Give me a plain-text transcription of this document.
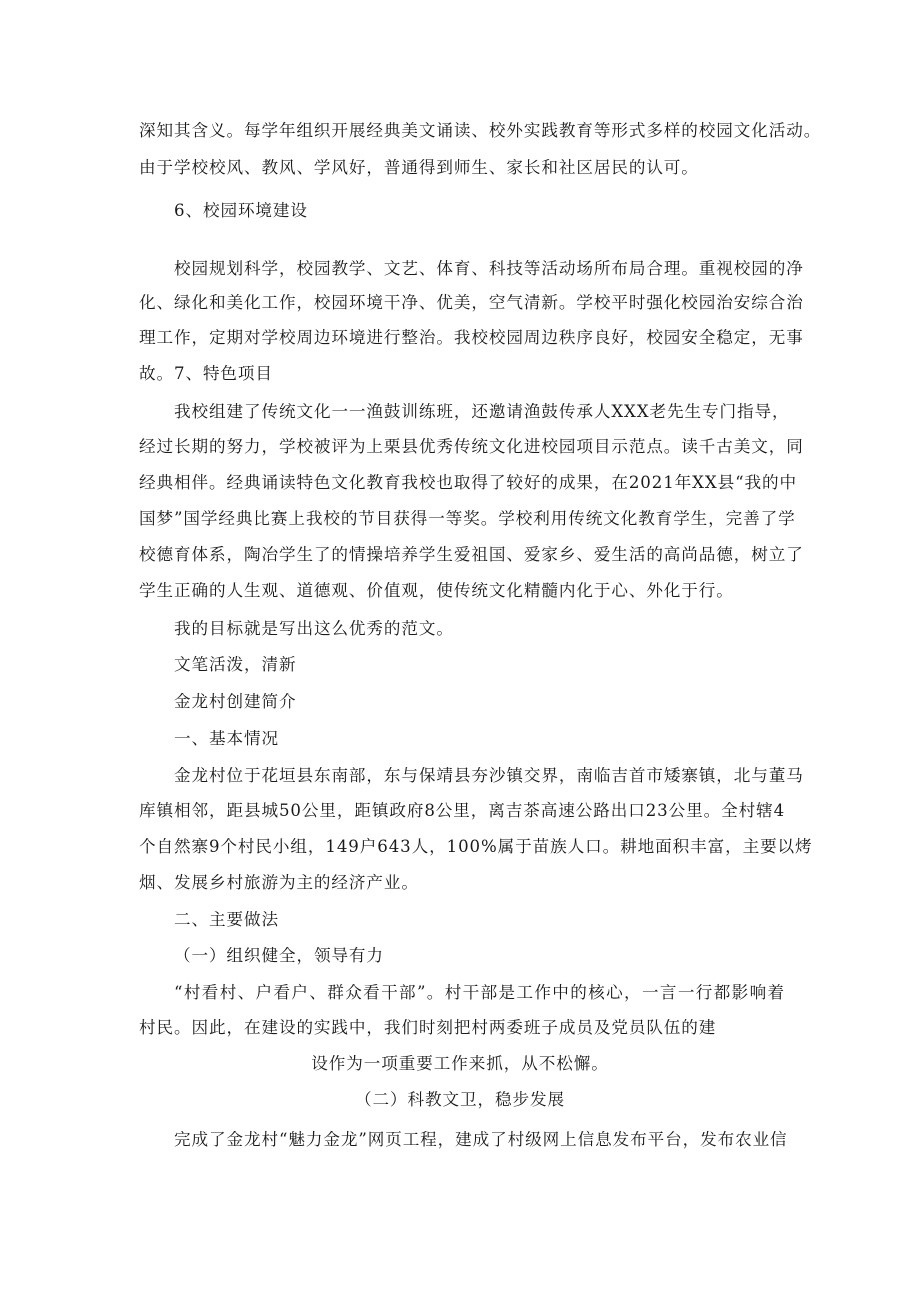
深知其含义。每学年组织开展经典美文诵读、校外实践教育等形式多样的校园文化活动。
由于学校校风、教风、学风好，普通得到师生、家长和社区居民的认可。
6、校园环境建设
校园规划科学，校园教学、文艺、体育、科技等活动场所布局合理。重视校园的净
化、绿化和美化工作，校园环境干净、优美，空气清新。学校平时强化校园治安综合治
理工作，定期对学校周边环境进行整治。我校校园周边秩序良好，校园安全稳定，无事
故。7、特色项目
我校组建了传统文化一一渔鼓训练班，还邀请渔鼓传承人XXX老先生专门指导，
经过长期的努力，学校被评为上栗县优秀传统文化进校园项目示范点。读千古美文，同
经典相伴。经典诵读特色文化教育我校也取得了较好的成果，在2021年XX县“我的中
国梦”国学经典比赛上我校的节目获得一等奖。学校利用传统文化教育学生，完善了学
校德育体系，陶冶学生了的情操培养学生爱祖国、爱家乡、爱生活的高尚品德，树立了
学生正确的人生观、道德观、价值观，使传统文化精髓内化于心、外化于行。
我的目标就是写出这么优秀的范文。
文笔活泼，清新
金龙村创建简介
一、基本情况
金龙村位于花垣县东南部，东与保靖县夯沙镇交界，南临吉首市矮寨镇，北与董马
库镇相邻，距县城50公里，距镇政府8公里，离吉茶高速公路出口23公里。全村辖4
个自然寨9个村民小组，149户643人，100%属于苗族人口。耕地面积丰富，主要以烤
烟、发展乡村旅游为主的经济产业。
二、主要做法
（一）组织健全，领导有力
“村看村、户看户、群众看干部”。村干部是工作中的核心，一言一行都影响着
村民。因此，在建设的实践中，我们时刻把村两委班子成员及党员队伍的建
设作为一项重要工作来抓，从不松懈。
（二）科教文卫，稳步发展
完成了金龙村“魅力金龙”网页工程，建成了村级网上信息发布平台，发布农业信
